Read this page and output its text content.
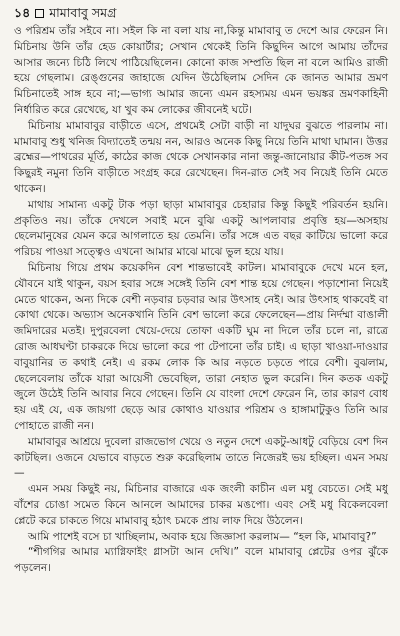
১৪ মামাবাবু সমগ্র

ও পরিশ্রম তাঁর সইবে না। সইল কি না বলা যায় না,কিন্তু মামাবাবু ত দেশে আর ফেরেন নি। মিচিনায় উনি তাঁর হেড কোয়ার্টার; সেখান থেকেই তিনি কিছুদিন আগে আমায় তাঁদের আসার জন্যে চিঠি লিখে পাঠিয়েছিলেন। কোনো কাজ সম্প্রতি ছিল না বলে আমিও রাজী হয়ে গেছলাম। রেঙ্গুনের জাহাজে যেদিন উঠেছিলাম সেদিন কে জানত আমার ভ্রমণ মিচিনাতেই সাঙ্গ হবে না;—ভাগ্য আমার জন্যে এমন রহস্যময় এমন ভয়ঙ্কর ভ্রমণকাহিনী নির্ধারিত করে রেখেছে, যা খুব কম লোকের জীবনেই ঘটে।

মিচিনায় মামাবাবুর বাড়ীতে এসে, প্রথমেই সেটা বাড়ী না যাদুঘর বুঝতে পারলাম না। মামাবাবু শুধু খনিজ বিদ্যাতেই তন্ময় নন, আরও অনেক কিছু নিয়ে তিনি মাথা ঘামান। উত্তর ব্রহ্মের—পাথরের মূর্তি, কাঠের কাজ থেকে সেখানকার নানা জন্তু-জানোয়ার কীট-পতঙ্গ সব কিছুরই নমুনা তিনি বাড়ীতে সংগ্রহ করে রেখেছেন। দিন-রাত সেই সব নিয়েই তিনি মেতে থাকেন।

মাথায় সামান্য একটু টাক পড়া ছাড়া মামাবাবুর চেহারার কিন্তু কিছুই পরিবর্তন হয়নি। প্রকৃতিও নয়। তাঁকে দেখলে সবাই মনে বুঝি একটু আপলাবার প্রবৃত্তি হয়—অসহায় ছেলেমানুষের যেমন করে আগলাতে হয় তেমনি। তাঁর সঙ্গে এত বছর কাটিয়ে ভালো করে পরিচয় পাওয়া সত্ত্বেও এখনো আমার মাঝে মাঝে ভুল হয়ে যায়।

মিচিনায় গিয়ে প্রথম কয়েকদিন বেশ শান্তভাবেই কাটল। মামাবাবুকে দেখে মনে হল, যৌবনে যাই থাকুন, বয়স হবার সঙ্গে সঙ্গেই তিনি বেশ শান্ত হয়ে গেছেন। পড়াশোনা নিয়েই মেতে থাকেন, অন্য দিকে বেশী নড়বার চড়বার আর উৎসাহ নেই। আর উৎসাহ থাকবেই বা কোথা থেকে। অভ্যাস অনেকখানি তিনি বেশ ভালো করে ফেলেছেন—প্রায় নির্দম্মা বাঙালী জমিদারের মতই। দুপুরবেলা খেয়ে-দেয়ে তোফা একটি ঘুম না দিলে তাঁর চলে না, রাত্রে রোজ আধঘণ্টা চাকরকে দিয়ে ভালো করে পা টেপানো তাঁর চাই। এ ছাড়া খাওয়া-দাওয়ার বাবুয়ানির ত কথাই নেই। এ রকম লোক কি আর নড়তে চড়তে পারে বেশী। বুঝলাম, ছেলেবেলায় তাঁকে যারা আয়েসী ভেবেছিল, তারা নেহাত ভুল করেনি। দিন কতক একটু জুলে উঠেই তিনি আবার নিবে গেছেন। তিনি যে বাংলা দেশে ফেরেন নি, তার কারণ বোধ হয় এই যে, এক জায়গা ছেড়ে আর কোথাও যাওয়ার পরিশ্রম ও হাঙ্গামাটুকুও তিনি আর পোহাতে রাজী নন।

মামাবাবুর আশ্রয়ে দুবেলা রাজভোগ খেয়ে ও নতুন দেশে একটু-আধটু বেড়িয়ে বেশ দিন কাটছিল। ওজনে যেভাবে বাড়তে শুরু করেছিলাম তাতে নিজেরই ভয় হচ্ছিল। এমন সময়—

এমন সময় কিছুই নয়, মিচিনার বাজারে এক জংলী কাচীন এল মধু বেচতে। সেই মধু বাঁশের চোঙা সমেত কিনে আনলে আমাদের চাকর মঙপো। এবং সেই মধু বিকেলবেলা প্লেটে করে চাকতে গিয়ে মামাবাবু হঠাৎ চমকে প্রায় লাফ দিয়ে উঠলেন।

আমি পাশেই বসে চা খাচ্ছিলাম, অবাক হয়ে জিজ্ঞাসা করলাম— “হল কি, মামাবাবু?”

“শীগগির আমার ম্যাগ্নিফাইং গ্লাসটা আন দেখি।” বলে মামাবাবু প্লেটের ওপর ঝুঁকে পড়লেন।
